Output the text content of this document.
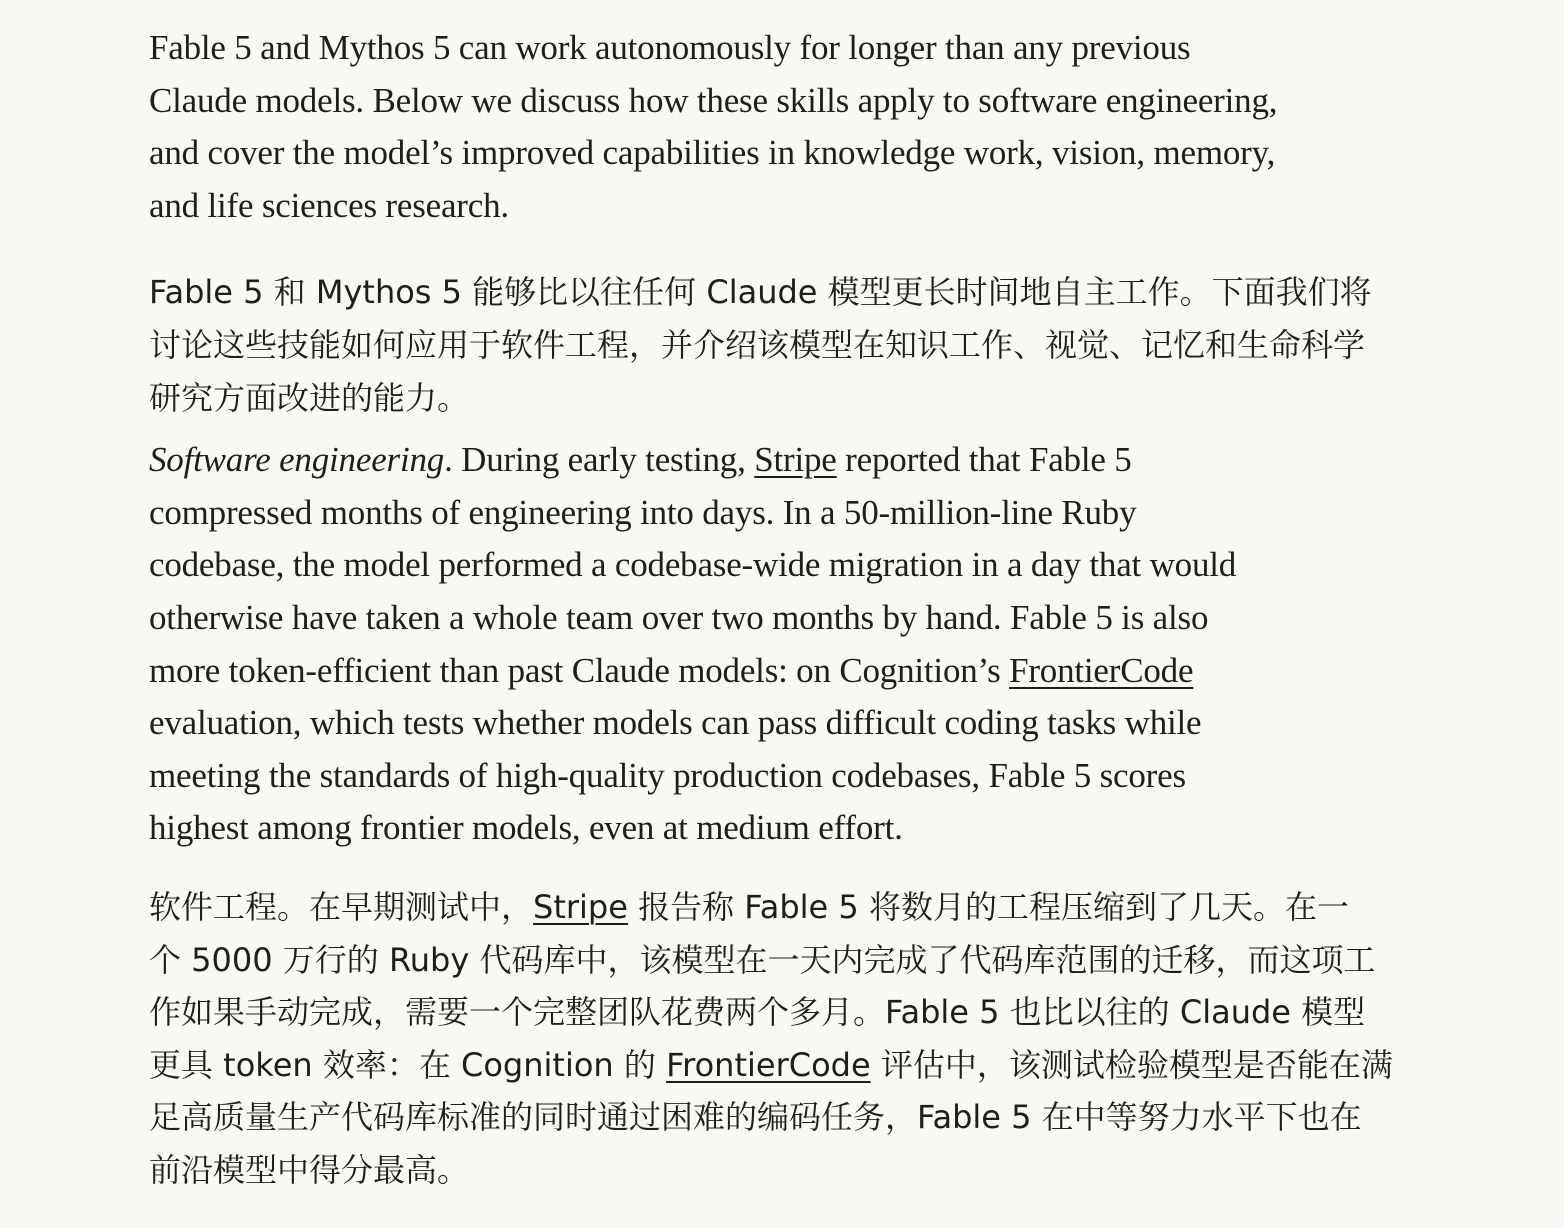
Fable 5 and Mythos 5 can work autonomously for longer than any previous
Claude models. Below we discuss how these skills apply to software engineering,
and cover the model’s improved capabilities in knowledge work, vision, memory,
and life sciences research.

Fable 5 和 Mythos 5 能够比以往任何 Claude 模型更长时间地自主工作。下面我们将
讨论这些技能如何应用于软件工程，并介绍该模型在知识工作、视觉、记忆和生命科学
研究方面改进的能力。

Software engineering. During early testing, Stripe reported that Fable 5
compressed months of engineering into days. In a 50-million-line Ruby
codebase, the model performed a codebase-wide migration in a day that would
otherwise have taken a whole team over two months by hand. Fable 5 is also
more token-efficient than past Claude models: on Cognition’s FrontierCode
evaluation, which tests whether models can pass difficult coding tasks while
meeting the standards of high-quality production codebases, Fable 5 scores
highest among frontier models, even at medium effort.

软件工程。在早期测试中，Stripe 报告称 Fable 5 将数月的工程压缩到了几天。在一
个 5000 万行的 Ruby 代码库中，该模型在一天内完成了代码库范围的迁移，而这项工
作如果手动完成，需要一个完整团队花费两个多月。Fable 5 也比以往的 Claude 模型
更具 token 效率：在 Cognition 的 FrontierCode 评估中，该测试检验模型是否能在满
足高质量生产代码库标准的同时通过困难的编码任务，Fable 5 在中等努力水平下也在
前沿模型中得分最高。
